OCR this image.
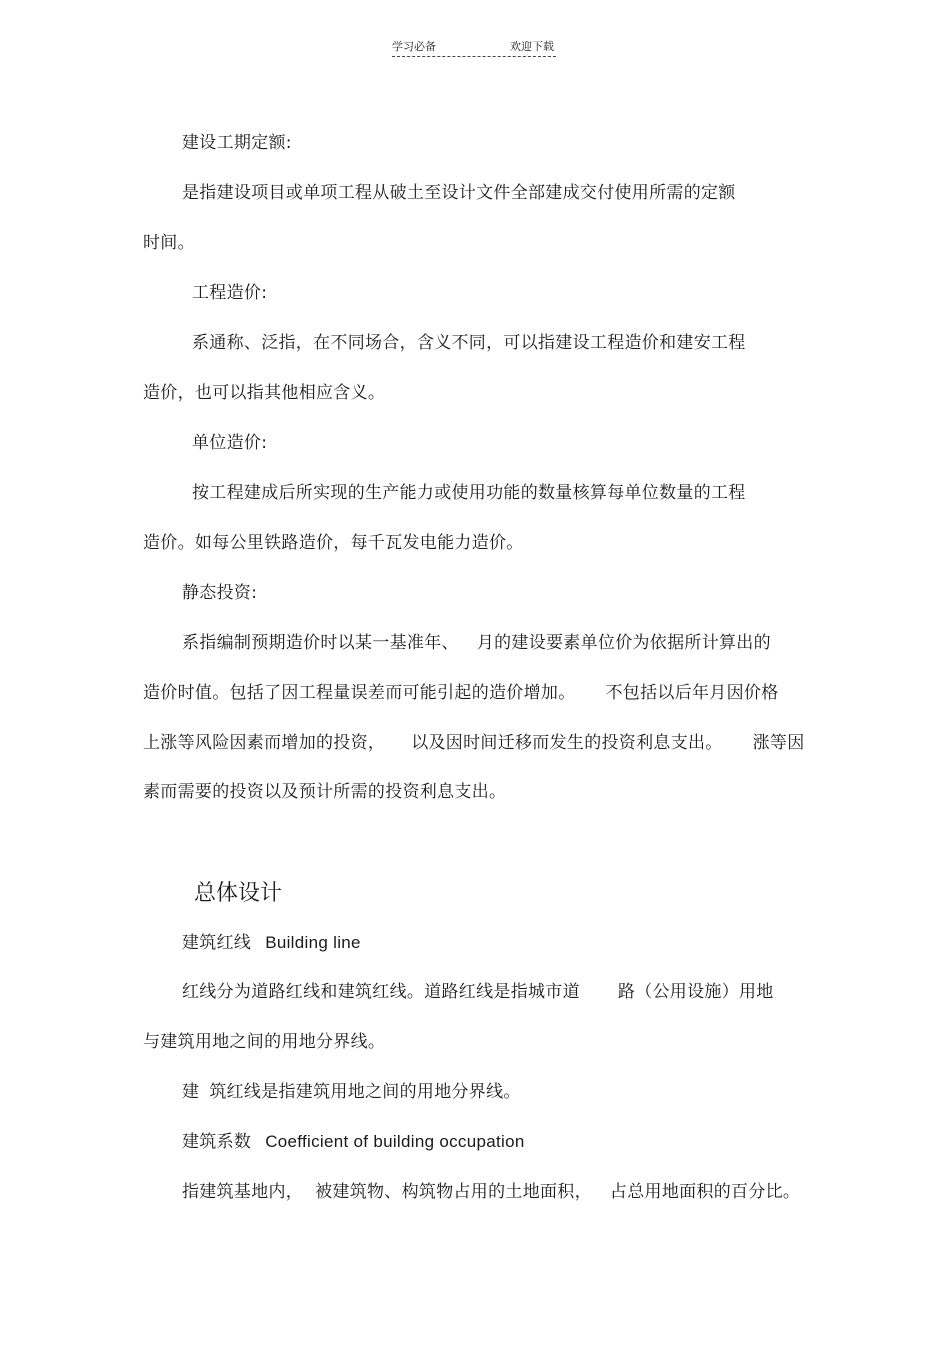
学习必备	欢迎下载
建设工期定额:
是指建设项目或单项工程从破土至设计文件全部建成交付使用所需的定额
时间。
工程造价:
系通称、泛指，在不同场合，含义不同，可以指建设工程造价和建安工程
造价，也可以指其他相应含义。
单位造价:
按工程建成后所实现的生产能力或使用功能的数量核算每单位数量的工程
造价。如每公里铁路造价，每千瓦发电能力造价。
静态投资:
系指编制预期造价时以某一基准年、 月的建设要素单位价为依据所计算出的
造价时值。包括了因工程量误差而可能引起的造价增加。 不包括以后年月因价格
上涨等风险因素而增加的投资， 以及因时间迁移而发生的投资利息支出。 涨等因
素而需要的投资以及预计所需的投资利息支出。
总体设计
建筑红线 Building line
红线分为道路红线和建筑红线。道路红线是指城市道 路（公用设施）用地
与建筑用地之间的用地分界线。
建 筑红线是指建筑用地之间的用地分界线。
建筑系数 Coefficient of building occupation
指建筑基地内， 被建筑物、构筑物占用的土地面积， 占总用地面积的百分比。
